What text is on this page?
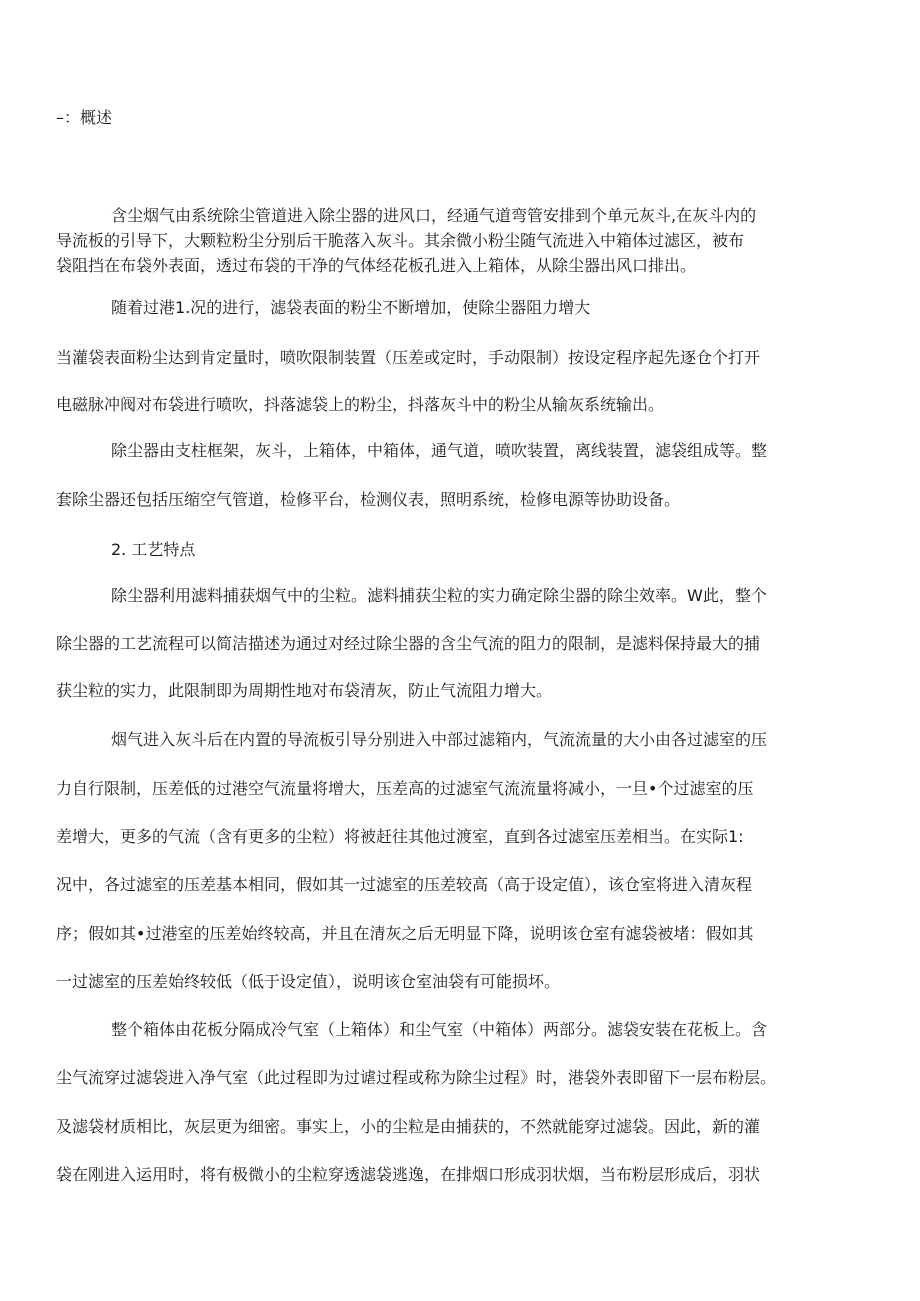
–：概述
含尘烟气由系统除尘管道进入除尘器的进风口，经通气道弯管安排到个单元灰斗,在灰斗内的
导流板的引导下，大颗粒粉尘分别后干脆落入灰斗。其余微小粉尘随气流进入中箱体过滤区，被布
袋阻挡在布袋外表面，透过布袋的干净的气体经花板孔进入上箱体，从除尘器出风口排出。
随着过港1.况的进行，滤袋表面的粉尘不断增加，使除尘器阻力增大
当灌袋表面粉尘达到肯定量时，喷吹限制装置（压差或定时，手动限制）按设定程序起先逐仓个打开
电磁脉冲阀对布袋进行喷吹，抖落滤袋上的粉尘，抖落灰斗中的粉尘从输灰系统输出。
除尘器由支柱框架，灰斗，上箱体，中箱体，通气道，喷吹装置，离线装置，滤袋组成等。整
套除尘器还包括压缩空气管道，检修平台，检测仪表，照明系统，检修电源等协助设备。
2. 工艺特点
除尘器利用滤料捕获烟气中的尘粒。滤料捕获尘粒的实力确定除尘器的除尘效率。W此，整个
除尘器的工艺流程可以简洁描述为通过对经过除尘器的含尘气流的阻力的限制，是滤料保持最大的捕
获尘粒的实力，此限制即为周期性地对布袋清灰，防止气流阻力增大。
烟气进入灰斗后在内置的导流板引导分别进入中部过滤箱内，气流流量的大小由各过滤室的压
力自行限制，压差低的过港空气流量将增大，压差高的过滤室气流流量将减小，一旦•个过滤室的压
差增大，更多的气流（含有更多的尘粒）将被赶往其他过渡室，直到各过滤室压差相当。在实际1:
况中，各过滤室的压差基本相同，假如其一过滤室的压差较高（高于设定值），该仓室将进入清灰程
序；假如其•过港室的压差始终较高，并且在清灰之后无明显下降，说明该仓室有滤袋被堵：假如其
一过滤室的压差始终较低（低于设定值），说明该仓室油袋有可能损坏。
整个箱体由花板分隔成冷气室（上箱体）和尘气室（中箱体）两部分。滤袋安装在花板上。含
尘气流穿过滤袋进入净气室（此过程即为过谑过程或称为除尘过程》时，港袋外表即留下一层布粉层。
及滤袋材质相比，灰层更为细密。事实上，小的尘粒是由捕获的，不然就能穿过滤袋。因此，新的灌
袋在刚进入运用时，将有极微小的尘粒穿透滤袋逃逸，在排烟口形成羽状烟，当布粉层形成后，羽状
